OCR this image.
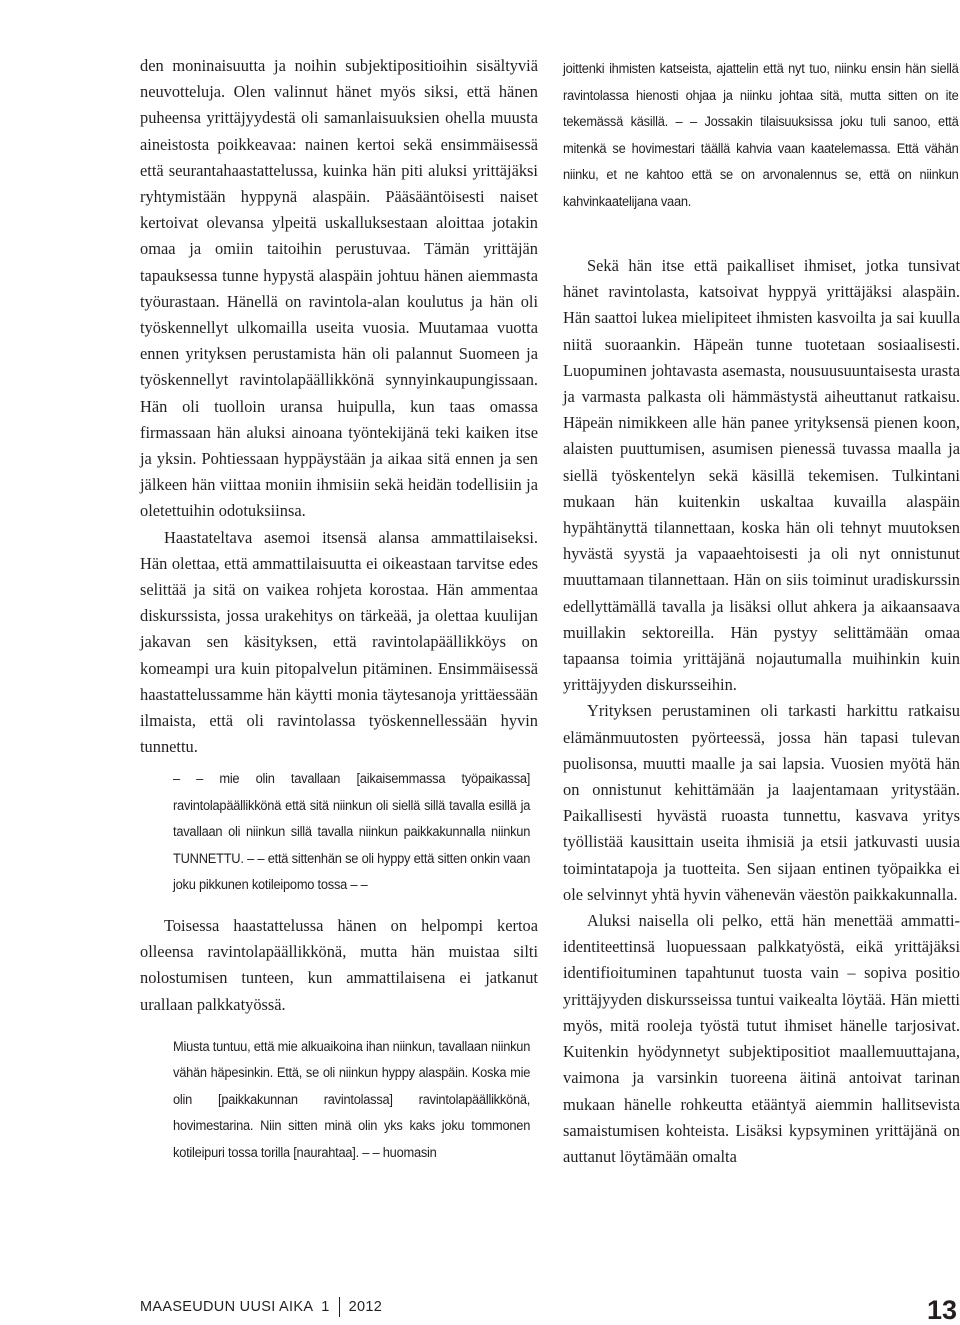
den moninaisuutta ja noihin subjektipositioihin sisältyviä neuvotteluja. Olen valinnut hänet myös siksi, että hänen puheensa yrittäjyydestä oli samanlaisuuksien ohella muusta aineistosta poikkeavaa: nainen kertoi sekä ensimmäisessä että seurantahaastattelussa, kuinka hän piti aluksi yrittäjäksi ryhtymistään hyppynä alaspäin. Pääsääntöisesti naiset kertoivat olevansa ylpeitä uskalluksestaan aloittaa jotakin omaa ja omiin taitoihin perustuvaa. Tämän yrittäjän tapauksessa tunne hypystä alaspäin johtuu hänen aiemmasta työurastaan. Hänellä on ravintola-alan koulutus ja hän oli työskennellyt ulkomailla useita vuosia. Muutamaa vuotta ennen yrityksen perustamista hän oli palannut Suomeen ja työskennellyt ravintolapäällikkönä synnyinkaupungissaan. Hän oli tuolloin uransa huipulla, kun taas omassa firmassaan hän aluksi ainoana työntekijänä teki kaiken itse ja yksin. Pohtiessaan hyppäystään ja aikaa sitä ennen ja sen jälkeen hän viittaa moniin ihmisiin sekä heidän todellisiin ja oletettuihin odotuksiinsa.

Haastateltava asemoi itsensä alansa ammattilaiseksi. Hän olettaa, että ammattilaisuutta ei oikeastaan tarvitse edes selittää ja sitä on vaikea rohjeta korostaa. Hän ammentaa diskurssista, jossa urakehitys on tärkeää, ja olettaa kuulijan jakavan sen käsityksen, että ravintolapäällikköys on komeampi ura kuin pitopalvelun pitäminen. Ensimmäisessä haastattelussamme hän käytti monia täytesanoja yrittäessään ilmaista, että oli ravintolassa työskennellessään hyvin tunnettu.

– – mie olin tavallaan [aikaisemmassa työpaikassa] ravintolapäällikkönä että sitä niinkun oli siellä sillä tavalla esillä ja tavallaan oli niinkun sillä tavalla niinkun paikkakunnalla niinkun TUNNETTU. – – että sittenhän se oli hyppy että sitten onkin vaan joku pikkunen kotileipomo tossa – –

Toisessa haastattelussa hänen on helpompi kertoa olleensa ravintolapäällikkönä, mutta hän muistaa silti nolostumisen tunteen, kun ammattilaisena ei jatkanut urallaan palkkatyössä.

Miusta tuntuu, että mie alkuaikoina ihan niinkun, tavallaan niinkun vähän häpesinkin. Että, se oli niinkun hyppy alaspäin. Koska mie olin [paikkakunnan ravintolassa] ravintolapäällikkönä, hovimestarina. Niin sitten minä olin yks kaks joku tommonen kotileipuri tossa torilla [naurahtaa]. – – huomasin

joittenki ihmisten katseista, ajattelin että nyt tuo, niinku ensin hän siellä ravintolassa hienosti ohjaa ja niinku johtaa sitä, mutta sitten on ite tekemässä käsillä. – – Jossakin tilaisuuksissa joku tuli sanoo, että mitenkä se hovimestari täällä kahvia vaan kaatelemassa. Että vähän niinku, et ne kahtoo että se on arvonalennus se, että on niinkun kahvinkaatelijana vaan.

Sekä hän itse että paikalliset ihmiset, jotka tunsivat hänet ravintolasta, katsoivat hyppyä yrittäjäksi alaspäin. Hän saattoi lukea mielipiteet ihmisten kasvoilta ja sai kuulla niitä suoraankin. Häpeän tunne tuotetaan sosiaalisesti. Luopuminen johtavasta asemasta, nousuusuuntaisesta urasta ja varmasta palkasta oli hämmästystä aiheuttanut ratkaisu. Häpeän nimikkeen alle hän panee yrityksensä pienen koon, alaisten puuttumisen, asumisen pienessä tuvassa maalla ja siellä työskentelyn sekä käsillä tekemisen. Tulkintani mukaan hän kuitenkin uskaltaa kuvailla alaspäin hypähtänyttä tilannettaan, koska hän oli tehnyt muutoksen hyvästä syystä ja vapaaehtoisesti ja oli nyt onnistunut muuttamaan tilannettaan. Hän on siis toiminut uradiskurssin edellyttämällä tavalla ja lisäksi ollut ahkera ja aikaansaava muillakin sektoreilla. Hän pystyy selittämään omaa tapaansa toimia yrittäjänä nojautumalla muihinkin kuin yrittäjyyden diskursseihin.

Yrityksen perustaminen oli tarkasti harkittu ratkaisu elämänmuutosten pyörteessä, jossa hän tapasi tulevan puolisonsa, muutti maalle ja sai lapsia. Vuosien myötä hän on onnistunut kehittämään ja laajentamaan yritystään. Paikallisesti hyvästä ruoasta tunnettu, kasvava yritys työllistää kausittain useita ihmisiä ja etsii jatkuvasti uusia toimintatapoja ja tuotteita. Sen sijaan entinen työpaikka ei ole selvinnyt yhtä hyvin vähenevän väestön paikkakunnalla.

Aluksi naisella oli pelko, että hän menettää ammatti-identiteettinsä luopuessaan palkkatyöstä, eikä yrittäjäksi identifioituminen tapahtunut tuosta vain – sopiva positio yrittäjyyden diskursseissa tuntui vaikealta löytää. Hän mietti myös, mitä rooleja työstä tutut ihmiset hänelle tarjosivat. Kuitenkin hyödynnetyt subjektipositiot maallemuuttajana, vaimona ja varsinkin tuoreena äitinä antoivat tarinan mukaan hänelle rohkeutta etääntyä aiemmin hallitsevista samaistumisen kohteista. Lisäksi kypsyminen yrittäjänä on auttanut löytämään omalta

MAASEUDUN UUSI AIKA 1 2012	13
